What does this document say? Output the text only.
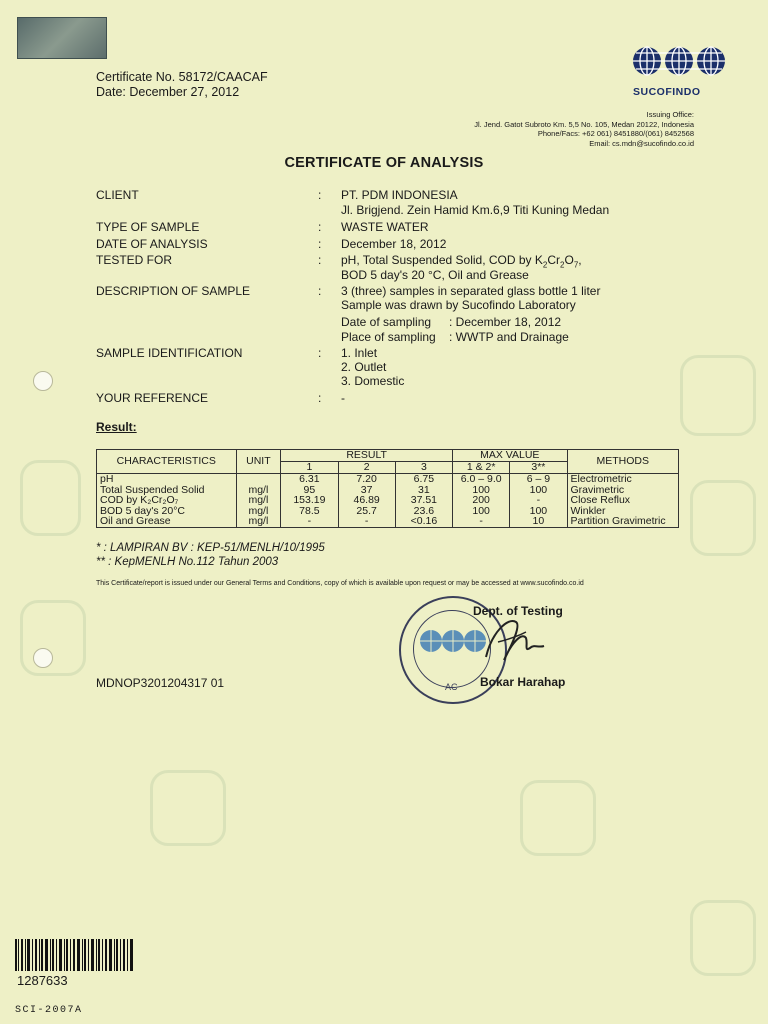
Certificate No. 58172/CAACAF
Date: December 27, 2012	SUCOFINDO
Issuing Office:
Jl. Jend. Gatot Subroto Km. 5,5 No. 105, Medan 20122, Indonesia
Phone/Facs: +62 061) 8451880/(061) 8452568
Email: cs.mdn@sucofindo.co.id
CERTIFICATE OF ANALYSIS
CLIENT	: PT. PDM INDONESIA
Jl. Brigjend. Zein Hamid Km.6,9 Titi Kuning Medan
TYPE OF SAMPLE	: WASTE WATER
DATE OF ANALYSIS	: December 18, 2012
TESTED FOR	: pH, Total Suspended Solid, COD by $K_2Cr_2O_7$,
BOD 5 day's 20 °C, Oil and Grease
DESCRIPTION OF SAMPLE	: 3 (three) samples in separated glass bottle 1 liter
Sample was drawn by Sucofindo Laboratory
Date of sampling : December 18, 2012
Place of sampling : WWTP and Drainage
SAMPLE IDENTIFICATION	: 1. Inlet
2. Outlet
3. Domestic
YOUR REFERENCE	: -
Result:
CHARACTERISTICS	UNIT	RESULT			MAX VALUE		METHODS
		1	2	3	1 & 2*	3**	
pH		6.31	7.20	6.75	6.0 – 9.0	6 – 9	Electrometric
Total Suspended Solid	mg/l	95	37	31	100	100	Gravimetric
COD by K₂Cr₂O₇	mg/l	153.19	46.89	37.51	200	-	Close Reflux
BOD 5 day's 20°C	mg/l	78.5	25.7	23.6	100	100	Winkler
Oil and Grease	mg/l	-	-	<0.16	-	10	Partition Gravimetric
* : LAMPIRAN BV : KEP-51/MENLH/10/1995
** : KepMENLH No.112 Tahun 2003
This Certificate/report is issued under our General Terms and Conditions, copy of which is available upon request or may be accessed at www.sucofindo.co.id
AC
Dept. of Testing
Bokar Harahap
MDNOP3201204317 01
1287633
SCI-2007A
